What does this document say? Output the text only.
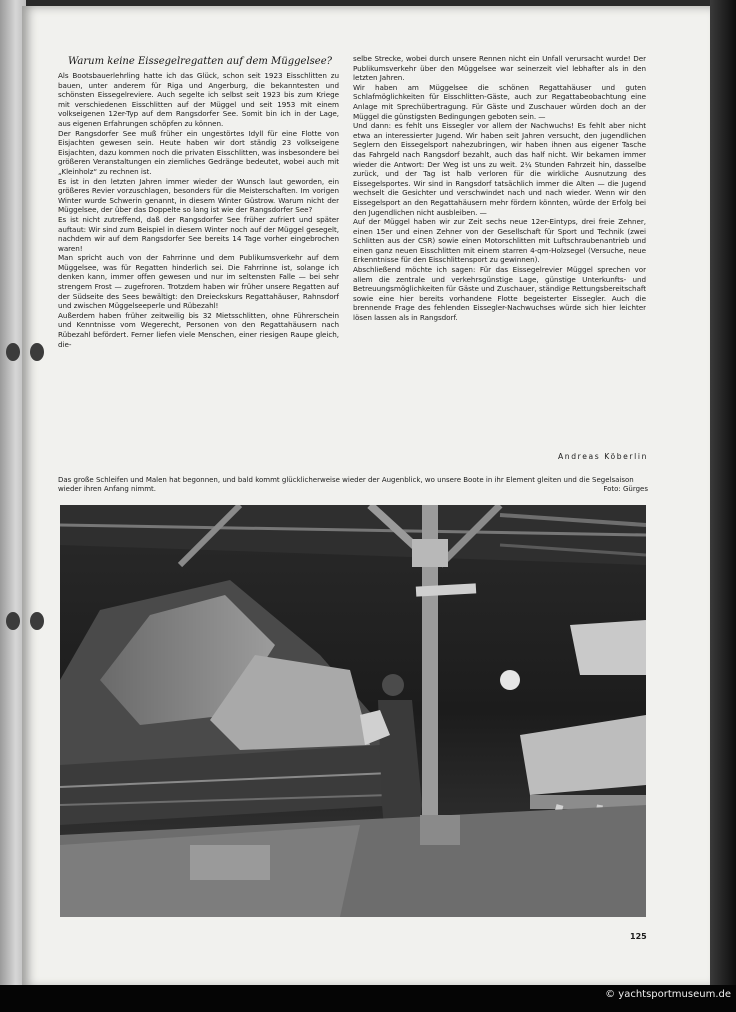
Warum keine Eissegelregatten auf dem Müggelsee?

Als Bootsbauerlehrling hatte ich das Glück, schon seit 1923 Eisschlitten zu bauen, unter anderem für Riga und Angerburg, die bekanntesten und schönsten Eissegelreviere. Auch segelte ich selbst seit 1923 bis zum Kriege mit verschiedenen Eisschlitten auf der Müggel und seit 1953 mit einem volkseigenen 12er-Typ auf dem Rangsdorfer See. Somit bin ich in der Lage, aus eigenen Erfahrungen schöpfen zu können.

Der Rangsdorfer See muß früher ein ungestörtes Idyll für eine Flotte von Eisjachten gewesen sein. Heute haben wir dort ständig 23 volkseigene Eisjachten, dazu kommen noch die privaten Eisschlitten, was insbesondere bei größeren Veranstaltungen ein ziemliches Gedränge bedeutet, wobei auch mit „Kleinholz“ zu rechnen ist.

Es ist in den letzten Jahren immer wieder der Wunsch laut geworden, ein größeres Revier vorzuschlagen, besonders für die Meisterschaften. Im vorigen Winter wurde Schwerin genannt, in diesem Winter Güstrow. Warum nicht der Müggelsee, der über das Doppelte so lang ist wie der Rangsdorfer See?

Es ist nicht zutreffend, daß der Rangsdorfer See früher zufriert und später auftaut: Wir sind zum Beispiel in diesem Winter noch auf der Müggel gesegelt, nachdem wir auf dem Rangsdorfer See bereits 14 Tage vorher eingebrochen waren!

Man spricht auch von der Fahrrinne und dem Publikumsverkehr auf dem Müggelsee, was für Regatten hinderlich sei. Die Fahrrinne ist, solange ich denken kann, immer offen gewesen und nur im seltensten Falle — bei sehr strengem Frost — zugefroren. Trotzdem haben wir früher unsere Regatten auf der Südseite des Sees bewältigt: den Dreieckskurs Regattahäuser, Rahnsdorf und zwischen Müggelseeperle und Rübezahl!

Außerdem haben früher zeitweilig bis 32 Mietsschlitten, ohne Führerschein und Kenntnisse vom Wegerecht, Personen von den Regattahäusern nach Rübezahl befördert. Ferner liefen viele Menschen, einer riesigen Raupe gleich, die-

selbe Strecke, wobei durch unsere Rennen nicht ein Unfall verursacht wurde! Der Publikumsverkehr über den Müggelsee war seinerzeit viel lebhafter als in den letzten Jahren.

Wir haben am Müggelsee die schönen Regattahäuser und guten Schlafmöglichkeiten für Eisschlitten-Gäste, auch zur Regattabeobachtung eine Anlage mit Sprechübertragung. Für Gäste und Zuschauer würden doch an der Müggel die günstigsten Bedingungen geboten sein. —

Und dann: es fehlt uns Eissegler vor allem der Nachwuchs! Es fehlt aber nicht etwa an interessierter Jugend. Wir haben seit Jahren versucht, den jugendlichen Seglern den Eissegelsport nahezubringen, wir haben ihnen aus eigener Tasche das Fahrgeld nach Rangsdorf bezahlt, auch das half nicht. Wir bekamen immer wieder die Antwort: Der Weg ist uns zu weit. 2¼ Stunden Fahrzeit hin, dasselbe zurück, und der Tag ist halb verloren für die wirkliche Ausnutzung des Eissegelsportes. Wir sind in Rangsdorf tatsächlich immer die Alten — die Jugend wechselt die Gesichter und verschwindet nach und nach wieder. Wenn wir den Eissegelsport an den Regattahäusern mehr fördern könnten, würde der Erfolg bei den Jugendlichen nicht ausbleiben. —

Auf der Müggel haben wir zur Zeit sechs neue 12er-Eintyps, drei freie Zehner, einen 15er und einen Zehner von der Gesellschaft für Sport und Technik (zwei Schlitten aus der CSR) sowie einen Motorschlitten mit Luftschraubenantrieb und einen ganz neuen Eisschlitten mit einem starren 4-qm-Holzsegel (Versuche, neue Erkenntnisse für den Eisschlittensport zu gewinnen).

Abschließend möchte ich sagen: Für das Eissegelrevier Müggel sprechen vor allem die zentrale und verkehrsgünstige Lage, günstige Unterkunfts- und Betreuungsmöglichkeiten für Gäste und Zuschauer, ständige Rettungsbereitschaft sowie eine hier bereits vorhandene Flotte begeisterter Eissegler. Auch die brennende Frage des fehlenden Eissegler-Nachwuchses würde sich hier leichter lösen lassen als in Rangsdorf.

Andreas Köberlin
Das große Schleifen und Malen hat begonnen, und bald kommt glücklicherweise wieder der Augenblick, wo unsere Boote in ihr Element gleiten und die Segelsaison wieder ihren Anfang nimmt.	Foto: Gürges
125
© yachtsportmuseum.de
